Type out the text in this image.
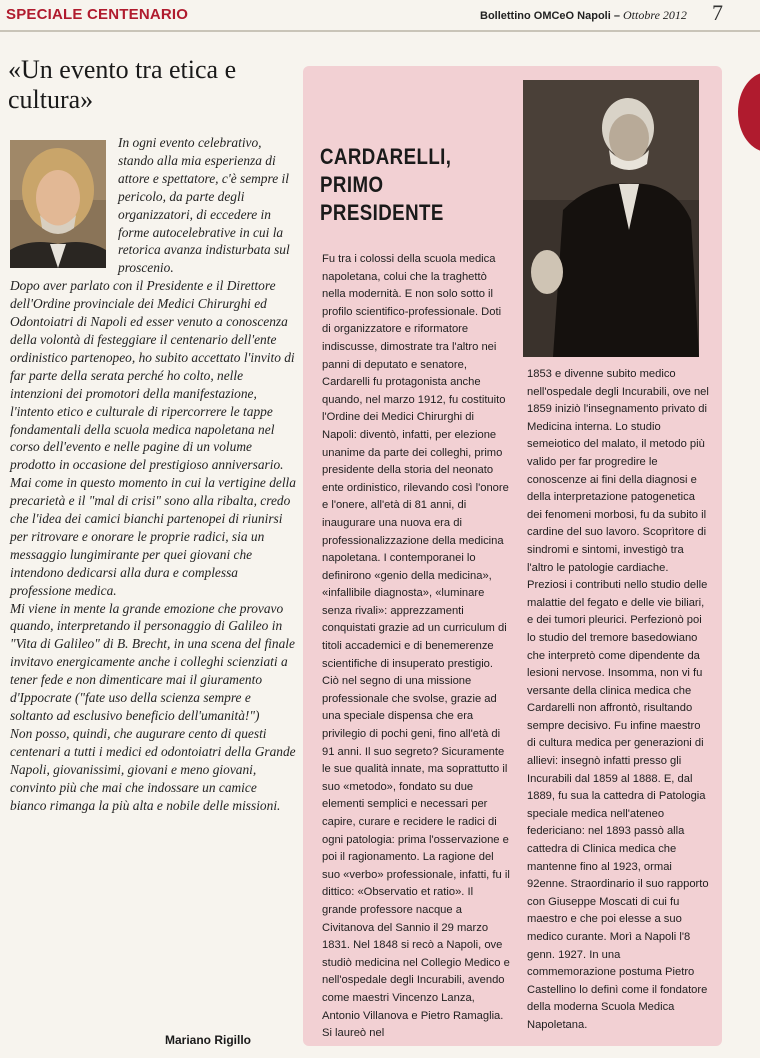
SPECIALE CENTENARIO	Bollettino OMCeO Napoli – Ottobre 2012 7
«Un evento tra etica e cultura»

In ogni evento celebrativo, stando alla mia esperienza di attore e spettatore, c'è sempre il pericolo, da parte degli organizzatori, di eccedere in forme autocelebrative in cui la retorica avanza indisturbata sul proscenio.

Dopo aver parlato con il Presidente e il Direttore dell'Ordine provinciale dei Medici Chirurghi ed Odontoiatri di Napoli ed esser venuto a conoscenza della volontà di festeggiare il centenario dell'ente ordinistico partenopeo, ho subito accettato l'invito di far parte della serata perché ho colto, nelle intenzioni dei promotori della manifestazione, l'intento etico e culturale di ripercorrere le tappe fondamentali della scuola medica napoletana nel corso dell'evento e nelle pagine di un volume prodotto in occasione del prestigioso anniversario.

Mai come in questo momento in cui la vertigine della precarietà e il "mal di crisi" sono alla ribalta, credo che l'idea dei camici bianchi partenopei di riunirsi per ritrovare e onorare le proprie radici, sia un messaggio lungimirante per quei giovani che intendono dedicarsi alla dura e complessa professione medica.

Mi viene in mente la grande emozione che provavo quando, interpretando il personaggio di Galileo in "Vita di Galileo" di B. Brecht, in una scena del finale invitavo energicamente anche i colleghi scienziati a tener fede e non dimenticare mai il giuramento d'Ippocrate ("fate uso della scienza sempre e soltanto ad esclusivo beneficio dell'umanità!")

Non posso, quindi, che augurare cento di questi centenari a tutti i medici ed odontoiatri della Grande Napoli, giovanissimi, giovani e meno giovani, convinto più che mai che indossare un camice bianco rimanga la più alta e nobile delle missioni.

Mariano Rigillo
CARDARELLI,
PRIMO
PRESIDENTE

Fu tra i colossi della scuola medica napoletana, colui che la traghettò nella modernità. E non solo sotto il profilo scientifico-professionale. Doti di organizzatore e riformatore indiscusse, dimostrate tra l'altro nei panni di deputato e senatore, Cardarelli fu protagonista anche quando, nel marzo 1912, fu costituito l'Ordine dei Medici Chirurghi di Napoli: diventò, infatti, per elezione unanime da parte dei colleghi, primo presidente della storia del neonato ente ordinistico, rilevando così l'onore e l'onere, all'età di 81 anni, di inaugurare una nuova era di professionalizzazione della medicina napoletana. I contemporanei lo definirono «genio della medicina», «infallibile diagnosta», «luminare senza rivali»: apprezzamenti conquistati grazie ad un curriculum di titoli accademici e di benemerenze scientifiche di insuperato prestigio. Ciò nel segno di una missione professionale che svolse, grazie ad una speciale dispensa che era privilegio di pochi geni, fino all'età di 91 anni. Il suo segreto? Sicuramente le sue qualità innate, ma soprattutto il suo «metodo», fondato su due elementi semplici e necessari per capire, curare e recidere le radici di ogni patologia: prima l'osservazione e poi il ragionamento. La ragione del suo «verbo» professionale, infatti, fu il dittico: «Observatio et ratio». Il grande professore nacque a Civitanova del Sannio il 29 marzo 1831. Nel 1848 si recò a Napoli, ove studiò medicina nel Collegio Medico e nell'ospedale degli Incurabili, avendo come maestri Vincenzo Lanza, Antonio Villanova e Pietro Ramaglia. Si laureò nel

1853 e divenne subito medico nell'ospedale degli Incurabili, ove nel 1859 iniziò l'insegnamento privato di Medicina interna. Lo studio semeiotico del malato, il metodo più valido per far progredire le conoscenze ai fini della diagnosi e della interpretazione patogenetica dei fenomeni morbosi, fu da subito il cardine del suo lavoro. Scoprìtore di sindromi e sintomi, investigò tra l'altro le patologie cardiache. Preziosi i contributi nello studio delle malattie del fegato e delle vie biliari, e dei tumori pleurici. Perfezionò poi lo studio del tremore basedowiano che interpretò come dipendente da lesioni nervose. Insomma, non vi fu versante della clinica medica che Cardarelli non affrontò, risultando sempre decisivo. Fu infine maestro di cultura medica per generazioni di allievi: insegnò infatti presso gli Incurabili dal 1859 al 1888. E, dal 1889, fu sua la cattedra di Patologia speciale medica nell'ateneo federiciano: nel 1893 passò alla cattedra di Clinica medica che mantenne fino al 1923, ormai 92enne. Straordinario il suo rapporto con Giuseppe Moscati di cui fu maestro e che poi elesse a suo medico curante. Morì a Napoli l'8 genn. 1927. In una commemorazione postuma Pietro Castellino lo definì come il fondatore della moderna Scuola Medica Napoletana.
